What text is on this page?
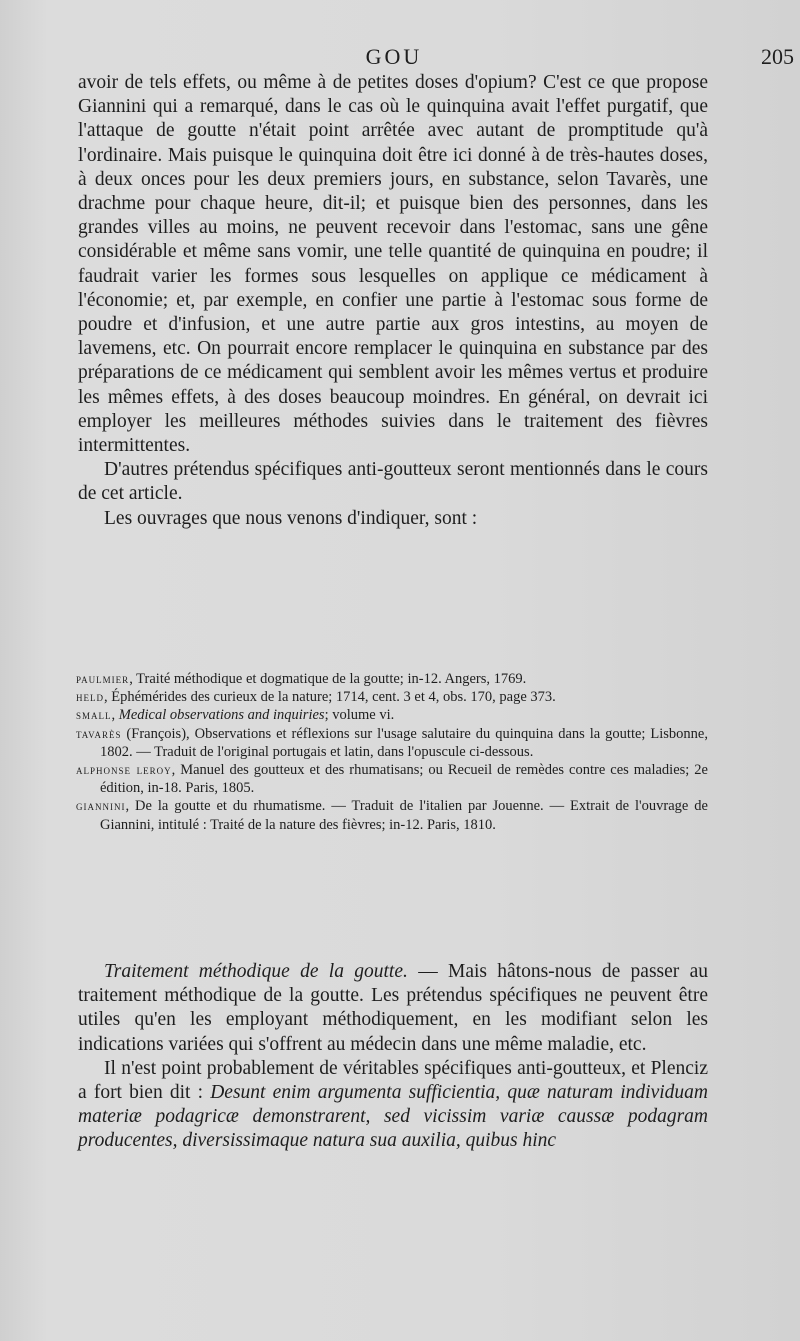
GOU	205

avoir de tels effets, ou même à de petites doses d'opium? C'est ce que propose Giannini qui a remarqué, dans le cas où le quinquina avait l'effet purgatif, que l'attaque de goutte n'était point arrêtée avec autant de promptitude qu'à l'ordinaire. Mais puisque le quinquina doit être ici donné à de très-hautes doses, à deux onces pour les deux premiers jours, en substance, selon Tavarès, une drachme pour chaque heure, dit-il; et puisque bien des personnes, dans les grandes villes au moins, ne peuvent recevoir dans l'estomac, sans une gêne considérable et même sans vomir, une telle quantité de quinquina en poudre; il faudrait varier les formes sous lesquelles on applique ce médicament à l'économie; et, par exemple, en confier une partie à l'estomac sous forme de poudre et d'infusion, et une autre partie aux gros intestins, au moyen de lavemens, etc. On pourrait encore remplacer le quinquina en substance par des préparations de ce médicament qui semblent avoir les mêmes vertus et produire les mêmes effets, à des doses beaucoup moindres. En général, on devrait ici employer les meilleures méthodes suivies dans le traitement des fièvres intermittentes.

D'autres prétendus spécifiques anti-goutteux seront mentionnés dans le cours de cet article.

Les ouvrages que nous venons d'indiquer, sont :

paulmier, Traité méthodique et dogmatique de la goutte; in-12. Angers, 1769.

held, Éphémérides des curieux de la nature; 1714, cent. 3 et 4, obs. 170, page 373.

small, Medical observations and inquiries; volume vi.

tavarès (François), Observations et réflexions sur l'usage salutaire du quinquina dans la goutte; Lisbonne, 1802. — Traduit de l'original portugais et latin, dans l'opuscule ci-dessous.

alphonse leroy, Manuel des goutteux et des rhumatisans; ou Recueil de remèdes contre ces maladies; 2e édition, in-18. Paris, 1805.

giannini, De la goutte et du rhumatisme. — Traduit de l'italien par Jouenne. — Extrait de l'ouvrage de Giannini, intitulé : Traité de la nature des fièvres; in-12. Paris, 1810.

Traitement méthodique de la goutte. — Mais hâtons-nous de passer au traitement méthodique de la goutte. Les prétendus spécifiques ne peuvent être utiles qu'en les employant méthodiquement, en les modifiant selon les indications variées qui s'offrent au médecin dans une même maladie, etc.

Il n'est point probablement de véritables spécifiques anti-goutteux, et Plenciz a fort bien dit : Desunt enim argumenta sufficientia, quæ naturam individuam materiæ podagricæ demonstrarent, sed vicissim variæ caussæ podagram producentes, diversissimaque natura sua auxilia, quibus hinc
